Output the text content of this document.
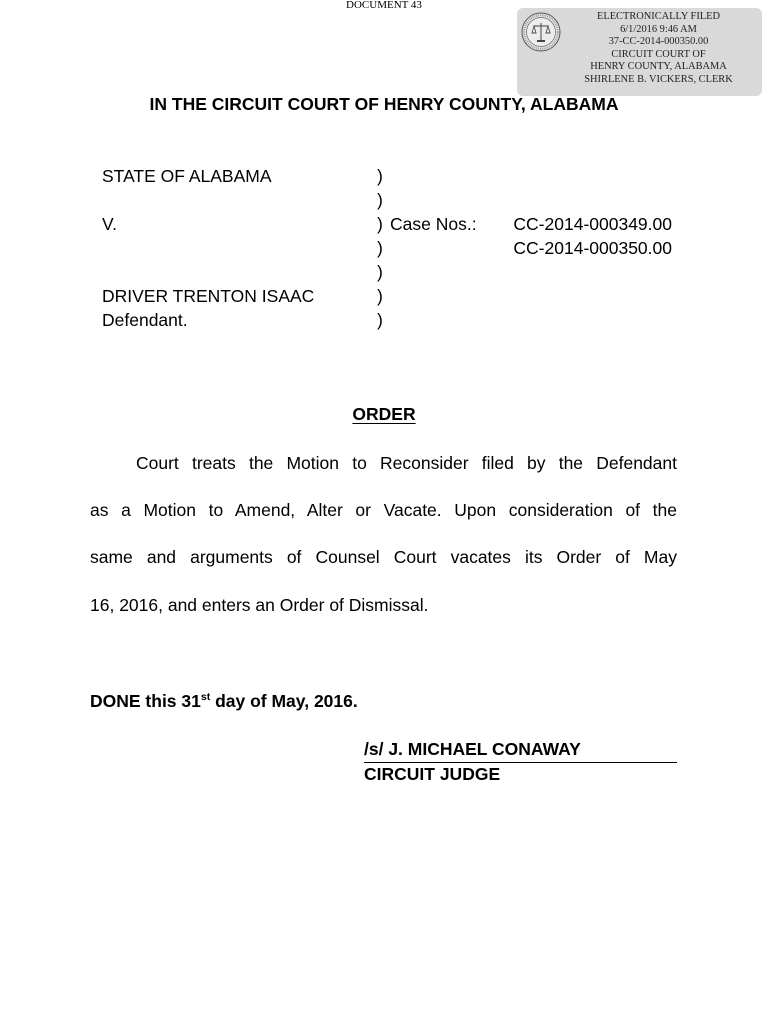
DOCUMENT 43
ELECTRONICALLY FILED
6/1/2016 9:46 AM
37-CC-2014-000350.00
CIRCUIT COURT OF
HENRY COUNTY, ALABAMA
SHIRLENE B. VICKERS, CLERK
IN THE CIRCUIT COURT OF HENRY COUNTY, ALABAMA
STATE OF ALABAMA
V.
DRIVER TRENTON ISAAC
Defendant.
)
)
)
)
)
)
)
Case Nos.:	CC-2014-000349.00
CC-2014-000350.00
ORDER
Court treats the Motion to Reconsider filed by the Defendant
as a Motion to Amend, Alter or Vacate. Upon consideration of the
same and arguments of Counsel Court vacates its Order of May
16, 2016, and enters an Order of Dismissal.
DONE this 31st day of May, 2016.
/s/ J. MICHAEL CONAWAY
CIRCUIT JUDGE
